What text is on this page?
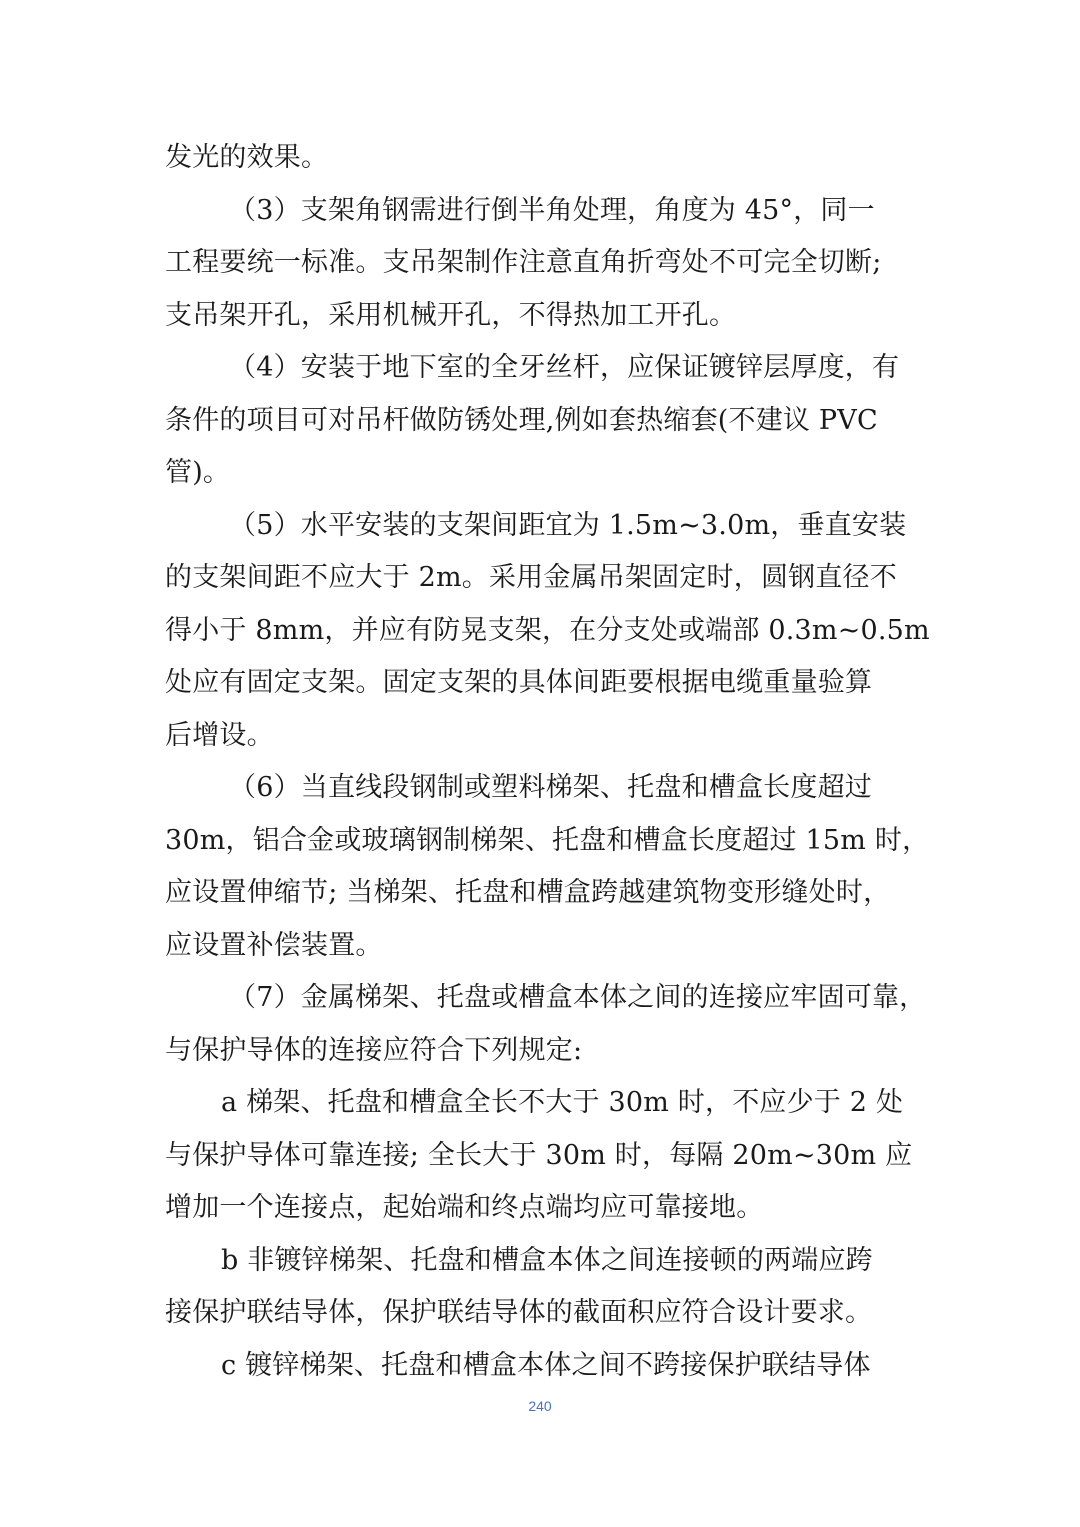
发光的效果。
（3）支架角钢需进行倒半角处理，角度为 45°，同一
工程要统一标准。支吊架制作注意直角折弯处不可完全切断;
支吊架开孔，采用机械开孔，不得热加工开孔。
（4）安装于地下室的全牙丝杆，应保证镀锌层厚度，有
条件的项目可对吊杆做防锈处理,例如套热缩套(不建议 PVC
管)。
（5）水平安装的支架间距宜为 1.5m~3.0m，垂直安装
的支架间距不应大于 2m。采用金属吊架固定时，圆钢直径不
得小于 8mm，并应有防晃支架，在分支处或端部 0.3m~0.5m
处应有固定支架。固定支架的具体间距要根据电缆重量验算
后增设。
（6）当直线段钢制或塑料梯架、托盘和槽盒长度超过
30m，铝合金或玻璃钢制梯架、托盘和槽盒长度超过 15m 时，
应设置伸缩节; 当梯架、托盘和槽盒跨越建筑物变形缝处时，
应设置补偿装置。
（7）金属梯架、托盘或槽盒本体之间的连接应牢固可靠，
与保护导体的连接应符合下列规定:
a 梯架、托盘和槽盒全长不大于 30m 时，不应少于 2 处
与保护导体可靠连接; 全长大于 30m 时，每隔 20m~30m 应
增加一个连接点，起始端和终点端均应可靠接地。
b 非镀锌梯架、托盘和槽盒本体之间连接顿的两端应跨
接保护联结导体，保护联结导体的截面积应符合设计要求。
c 镀锌梯架、托盘和槽盒本体之间不跨接保护联结导体
240
